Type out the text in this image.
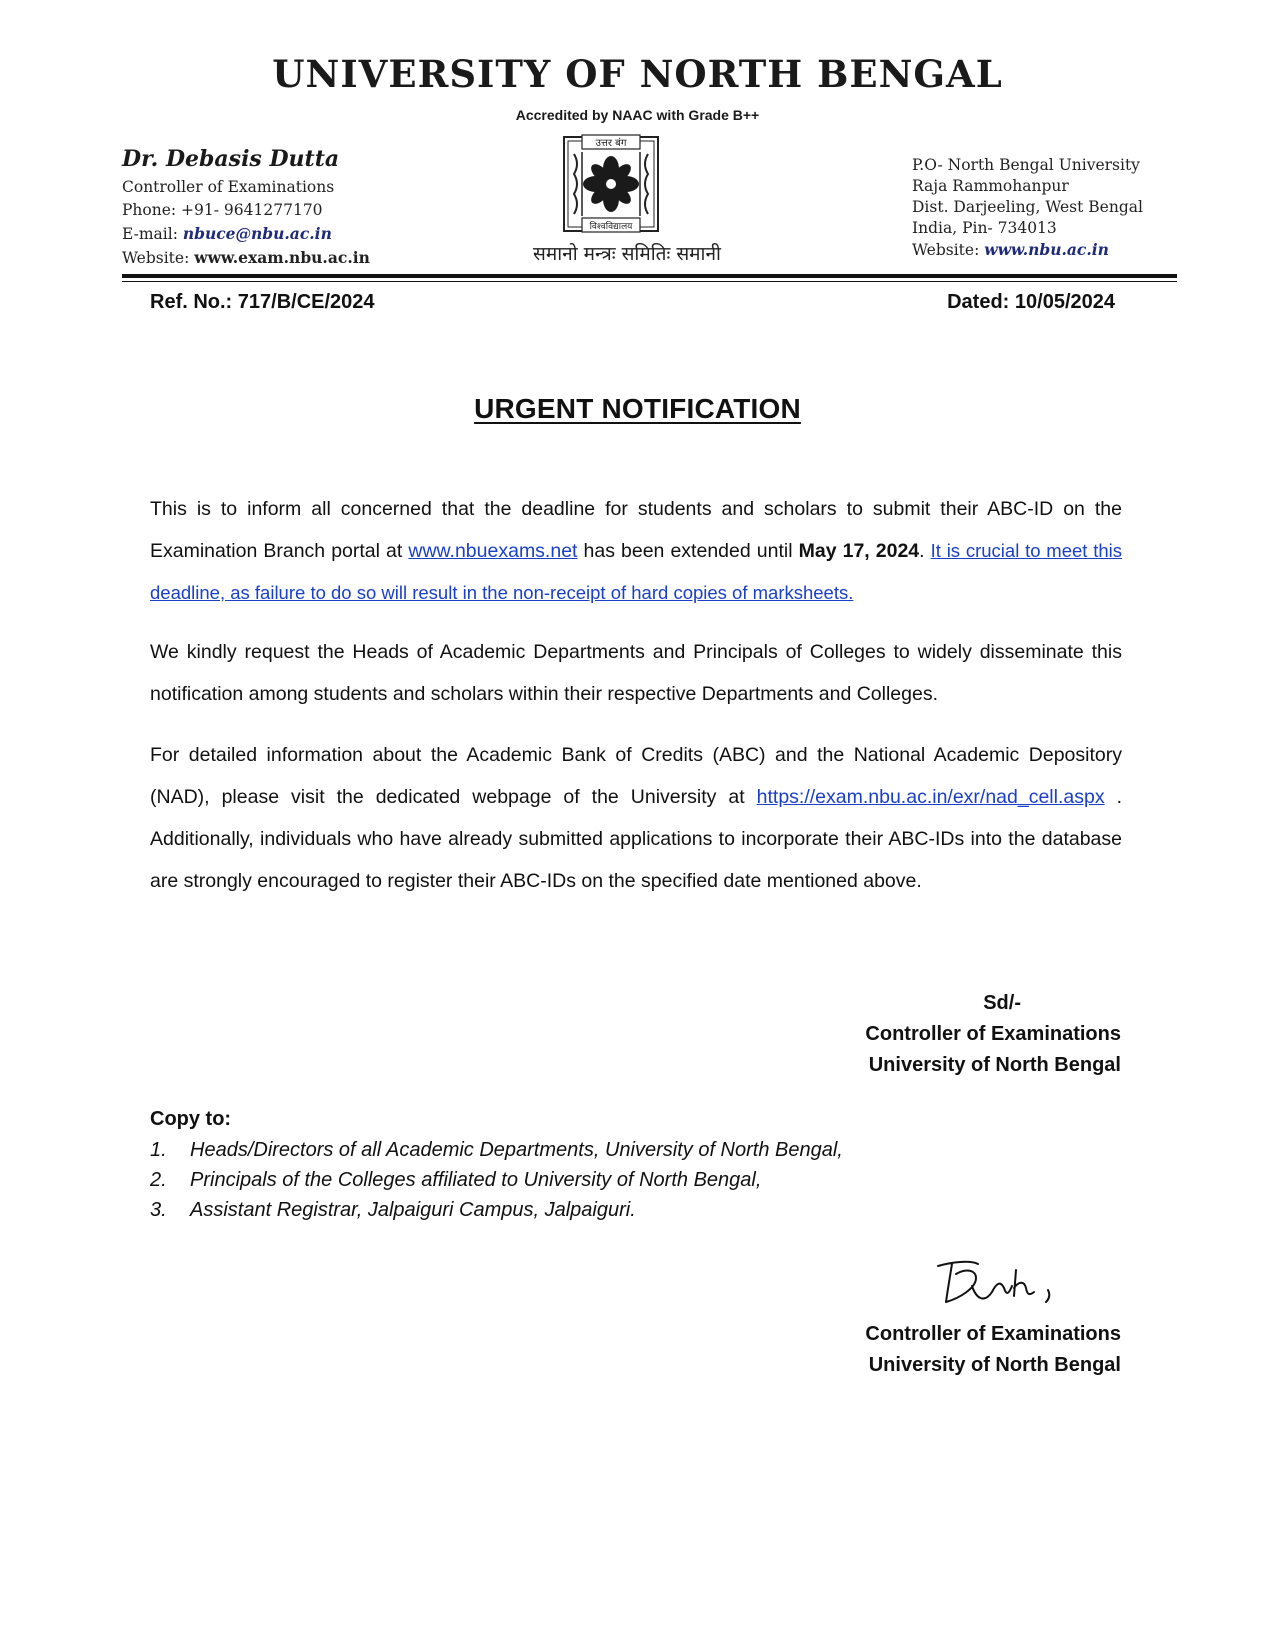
UNIVERSITY OF NORTH BENGAL
Accredited by NAAC with Grade B++
Dr. Debasis Dutta
Controller of Examinations
Phone: +91- 9641277170
E-mail: nbuce@nbu.ac.in
Website: www.exam.nbu.ac.in
उत्तर बंग
विश्वविद्यालय
समानो मन्त्रः समितिः समानी
P.O- North Bengal University
Raja Rammohanpur
Dist. Darjeeling, West Bengal
India, Pin- 734013
Website: www.nbu.ac.in
Ref. No.: 717/B/CE/2024	Dated: 10/05/2024
URGENT NOTIFICATION
This is to inform all concerned that the deadline for students and scholars to submit their ABC-ID on the Examination Branch portal at www.nbuexams.net has been extended until May 17, 2024. It is crucial to meet this deadline, as failure to do so will result in the non-receipt of hard copies of marksheets.
We kindly request the Heads of Academic Departments and Principals of Colleges to widely disseminate this notification among students and scholars within their respective Departments and Colleges.
For detailed information about the Academic Bank of Credits (ABC) and the National Academic Depository (NAD), please visit the dedicated webpage of the University at https://exam.nbu.ac.in/exr/nad_cell.aspx . Additionally, individuals who have already submitted applications to incorporate their ABC-IDs into the database are strongly encouraged to register their ABC-IDs on the specified date mentioned above.
Sd/-
Controller of Examinations
University of North Bengal
Copy to:
1.	Heads/Directors of all Academic Departments, University of North Bengal,
2.	Principals of the Colleges affiliated to University of North Bengal,
3.	Assistant Registrar, Jalpaiguri Campus, Jalpaiguri.
Controller of Examinations
University of North Bengal
